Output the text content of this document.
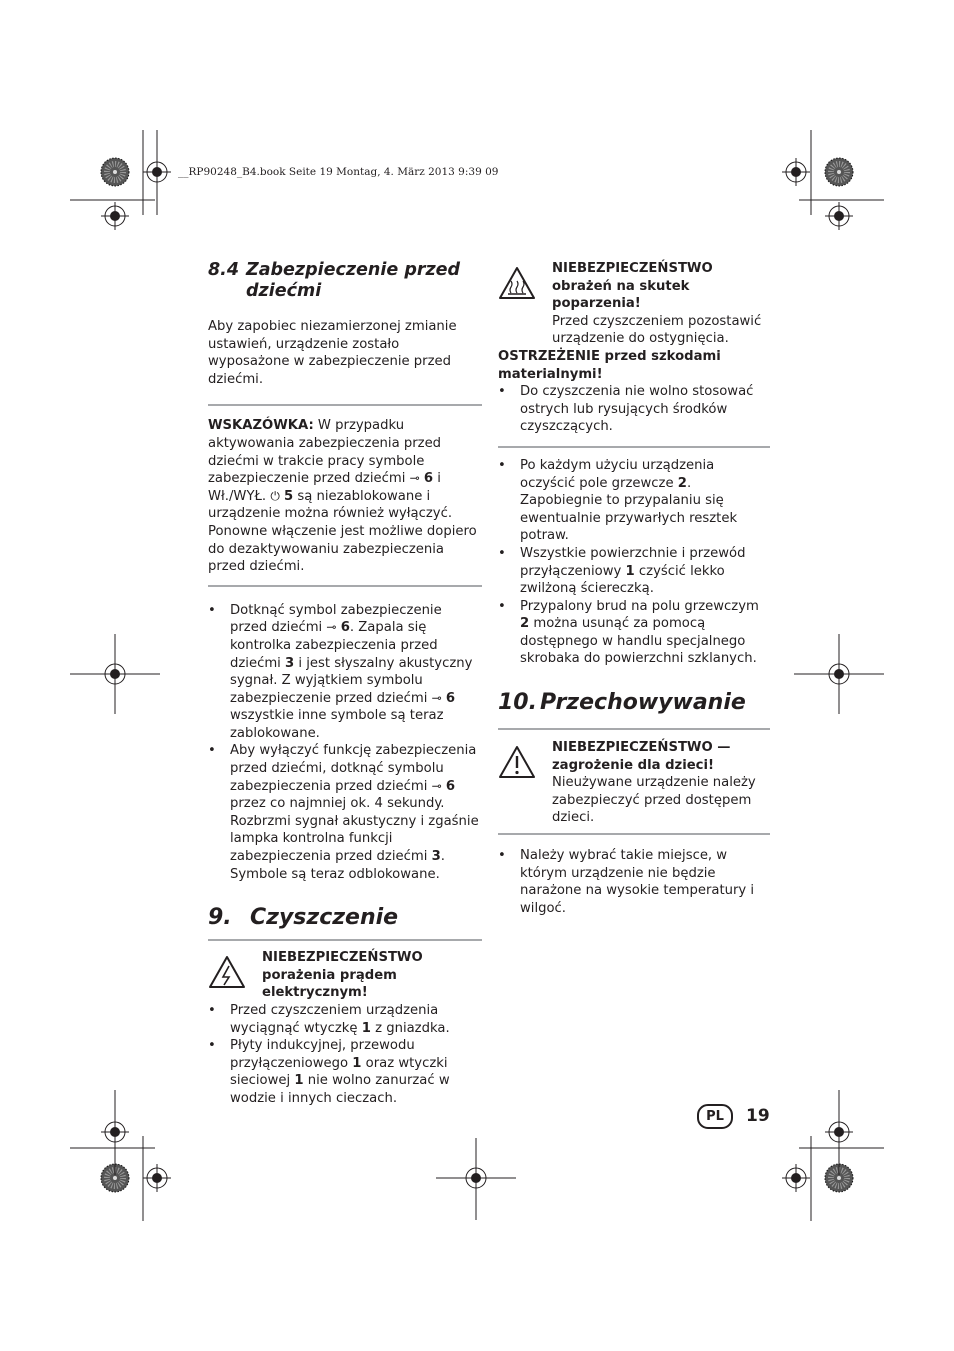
__RP90248_B4.book Seite 19 Montag, 4. März 2013 9:39 09
8.4 Zabezpieczenie przed
dziećmi

Aby zapobiec niezamierzonej zmianie ustawień, urządzenie zostało wyposażone w zabezpieczenie przed dziećmi.

WSKAZÓWKA: W przypadku aktywowania zabezpieczenia przed dziećmi w trakcie pracy symbole zabezpieczenie przed dziećmi ⊸ 6 i Wł./WYŁ. ⏻ 5 są niezablokowane i urządzenie można również wyłączyć. Ponowne włączenie jest możliwe dopiero do dezaktywowaniu zabezpieczenia przed dziećmi.

• Dotknąć symbol zabezpieczenie przed dziećmi ⊸ 6. Zapala się kontrolka zabezpieczenia przed dziećmi 3 i jest słyszalny akustyczny sygnał. Z wyjątkiem symbolu zabezpieczenie przed dziećmi ⊸ 6 wszystkie inne symbole są teraz zablokowane.
• Aby wyłączyć funkcję zabezpieczenia przed dziećmi, dotknąć symbolu zabezpieczenia przed dziećmi ⊸ 6 przez co najmniej ok. 4 sekundy. Rozbrzmi sygnał akustyczny i zgaśnie lampka kontrolna funkcji zabezpieczenia przed dziećmi 3. Symbole są teraz odblokowane.
9. Czyszczenie
NIEBEZPIECZEŃSTWO porażenia prądem elektrycznym!
• Przed czyszczeniem urządzenia wyciągnąć wtyczkę 1 z gniazdka.
• Płyty indukcyjnej, przewodu przyłączeniowego 1 oraz wtyczki sieciowej 1 nie wolno zanurzać w wodzie i innych cieczach.
NIEBEZPIECZEŃSTWO obrażeń na skutek poparzenia!
Przed czyszczeniem pozostawić urządzenie do ostygnięcia.

OSTRZEŻENIE przed szkodami materialnymi!

• Do czyszczenia nie wolno stosować ostrych lub rysujących środków czyszczących.
• Po każdym użyciu urządzenia oczyścić pole grzewcze 2. Zapobiegnie to przypalaniu się ewentualnie przywarłych resztek potraw.
• Wszystkie powierzchnie i przewód przyłączeniowy 1 czyścić lekko zwilżoną ściereczką.
• Przypalony brud na polu grzewczym 2 można usunąć za pomocą dostępnego w handlu specjalnego skrobaka do powierzchni szklanych.
10. Przechowywanie
NIEBEZPIECZEŃSTWO — zagrożenie dla dzieci!
Nieużywane urządzenie należy zabezpieczyć przed dostępem dzieci.
• Należy wybrać takie miejsce, w którym urządzenie nie będzie narażone na wysokie temperatury i wilgoć.
PL	19
